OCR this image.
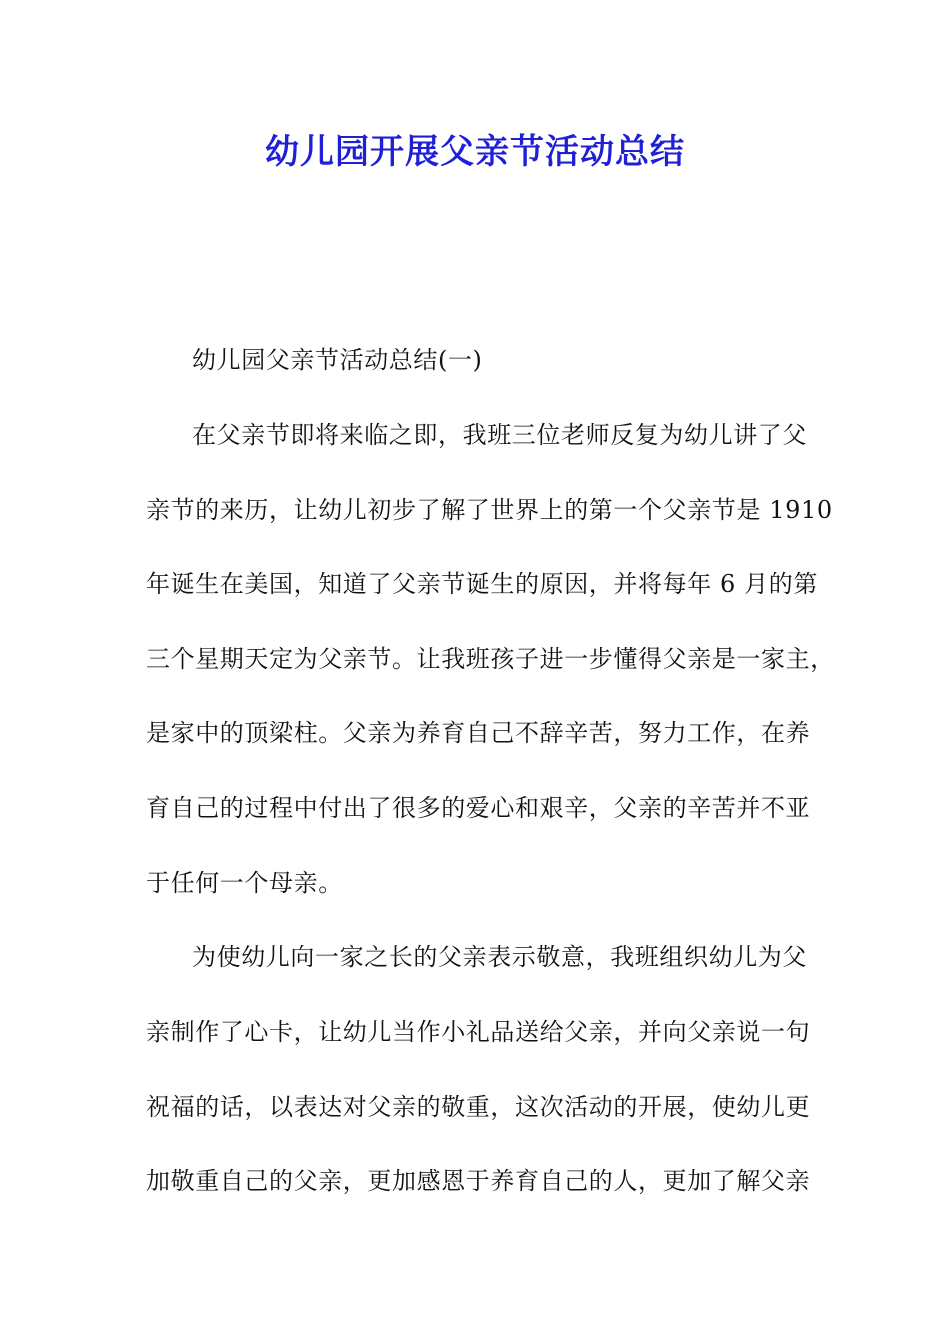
幼儿园开展父亲节活动总结
幼儿园父亲节活动总结(一)
在父亲节即将来临之即，我班三位老师反复为幼儿讲了父
亲节的来历，让幼儿初步了解了世界上的第一个父亲节是 1910
年诞生在美国，知道了父亲节诞生的原因，并将每年 6 月的第
三个星期天定为父亲节。让我班孩子进一步懂得父亲是一家主，
是家中的顶梁柱。父亲为养育自己不辞辛苦，努力工作，在养
育自己的过程中付出了很多的爱心和艰辛，父亲的辛苦并不亚
于任何一个母亲。
为使幼儿向一家之长的父亲表示敬意，我班组织幼儿为父
亲制作了心卡，让幼儿当作小礼品送给父亲，并向父亲说一句
祝福的话，以表达对父亲的敬重，这次活动的开展，使幼儿更
加敬重自己的父亲，更加感恩于养育自己的人，更加了解父亲
